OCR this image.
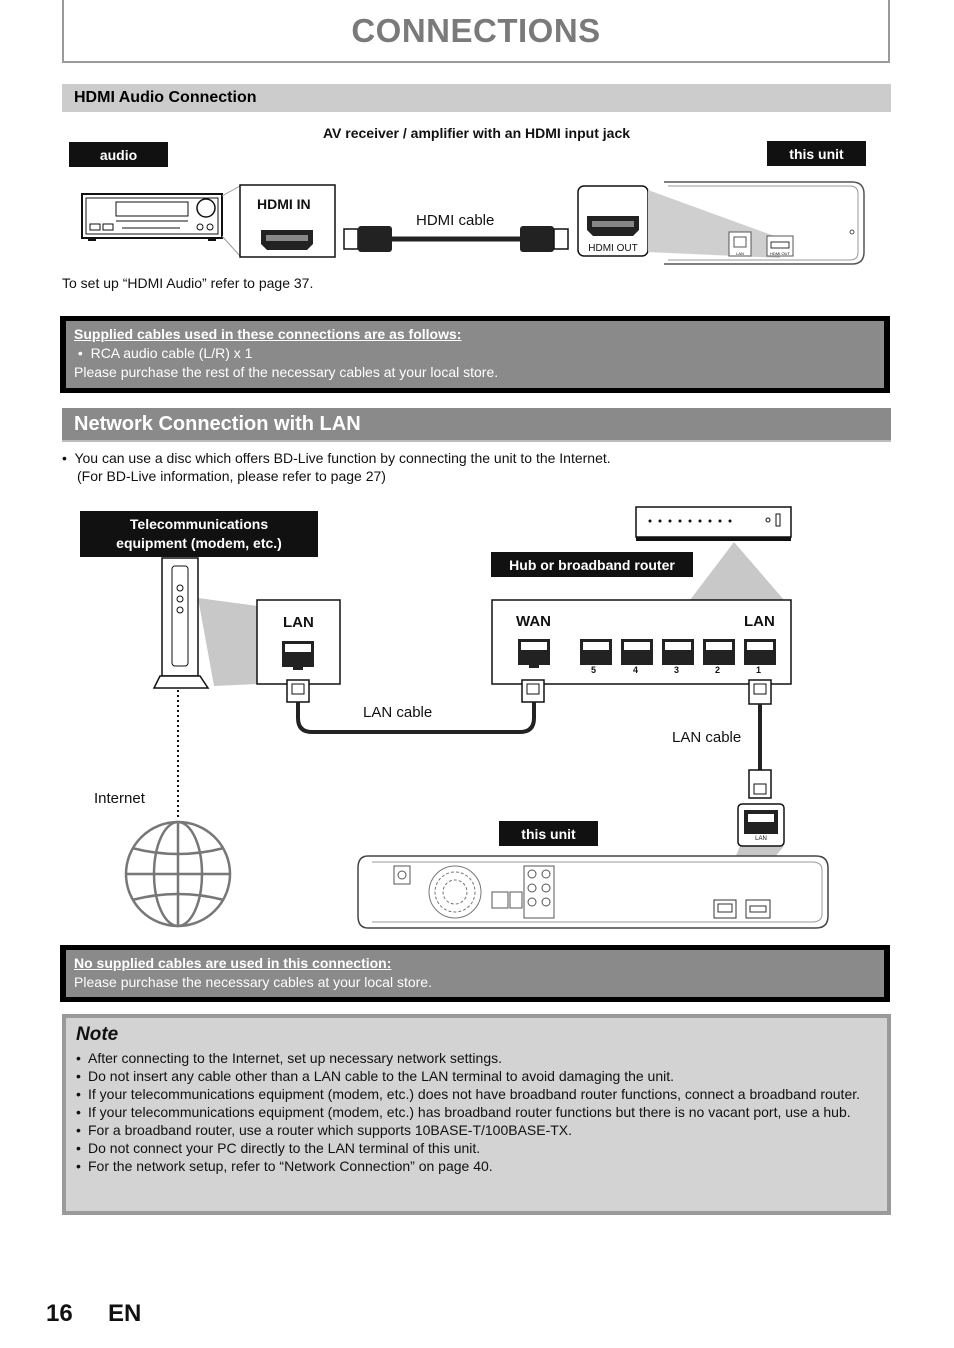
CONNECTIONS
HDMI Audio Connection
AV receiver / amplifier with an HDMI input jack
audio	this unit
HDMI IN
HDMI cable
HDMI OUT	LAN	HDMI OUT
To set up “HDMI Audio” refer to page 37.
Supplied cables used in these connections are as follows:
•  RCA audio cable (L/R) x 1
Please purchase the rest of the necessary cables at your local store.
Network Connection with LAN
•  You can use a disc which offers BD-Live function by connecting the unit to the Internet.
(For BD-Live information, please refer to page 27)
Telecommunications
equipment (modem, etc.)
Hub or broadband router
LAN	WAN	LAN
5	4	3	2	1
LAN cable
LAN cable
Internet
this unit	LAN
No supplied cables are used in this connection:
Please purchase the necessary cables at your local store.
Note
• After connecting to the Internet, set up necessary network settings.
• Do not insert any cable other than a LAN cable to the LAN terminal to avoid damaging the unit.
• If your telecommunications equipment (modem, etc.) does not have broadband router functions, connect a broadband router.
• If your telecommunications equipment (modem, etc.) has broadband router functions but there is no vacant port, use a hub.
• For a broadband router, use a router which supports 10BASE-T/100BASE-TX.
• Do not connect your PC directly to the LAN terminal of this unit.
• For the network setup, refer to “Network Connection” on page 40.
16 EN
